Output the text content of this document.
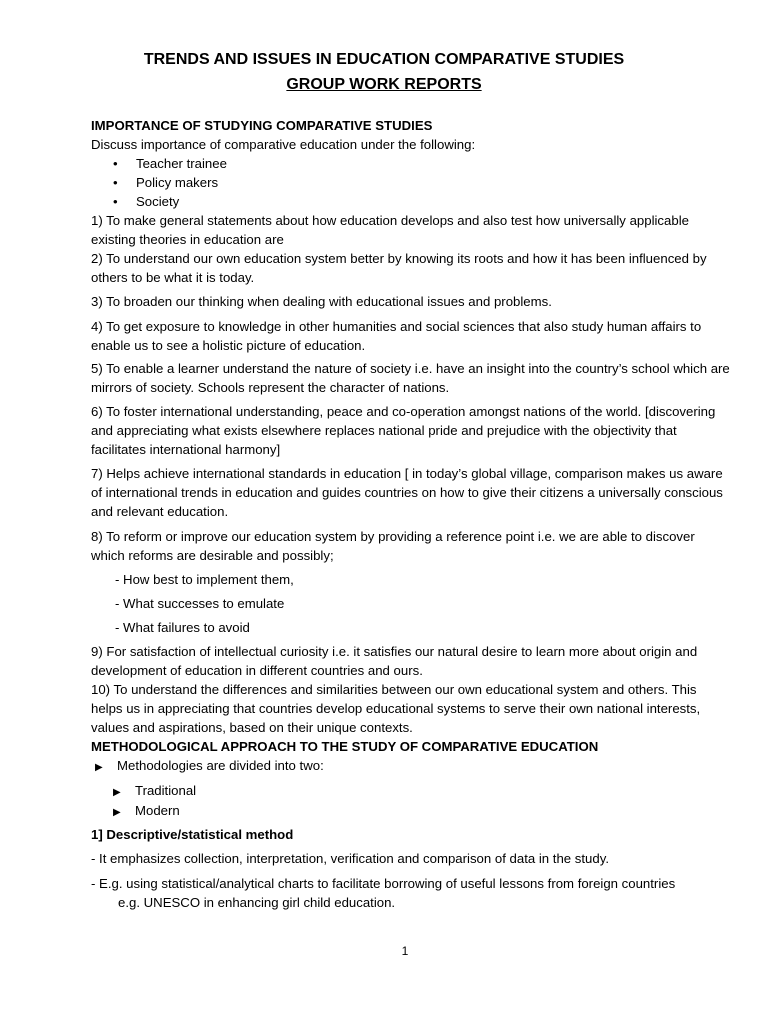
TRENDS AND ISSUES IN EDUCATION COMPARATIVE STUDIES
GROUP WORK REPORTS
IMPORTANCE OF STUDYING COMPARATIVE STUDIES
Discuss importance of comparative education under the following:
• Teacher trainee
• Policy makers
• Society

1) To make general statements about how education develops and also test how universally applicable existing theories in education are

2) To understand our own education system better by knowing its roots and how it has been influenced by others to be what it is today.

3) To broaden our thinking when dealing with educational issues and problems.

4) To get exposure to knowledge in other humanities and social sciences that also study human affairs to enable us to see a holistic picture of education.

5) To enable a learner understand the nature of society i.e. have an insight into the country’s school which are mirrors of society. Schools represent the character of nations.

6) To foster international understanding, peace and co-operation amongst nations of the world. [discovering and appreciating what exists elsewhere replaces national pride and prejudice with the objectivity that facilitates international harmony]

7) Helps achieve international standards in education [ in today’s global village, comparison makes us aware of international trends in education and guides countries on how to give their citizens a universally conscious and relevant education.

8) To reform or improve our education system by providing a reference point i.e. we are able to discover which reforms are desirable and possibly;

- How best to implement them,
- What successes to emulate
- What failures to avoid

9) For satisfaction of intellectual curiosity i.e. it satisfies our natural desire to learn more about origin and development of education in different countries and ours.

10) To understand the differences and similarities between our own educational system and others. This helps us in appreciating that countries develop educational systems to serve their own national interests, values and aspirations, based on their unique contexts.

METHODOLOGICAL APPROACH TO THE STUDY OF COMPARATIVE EDUCATION
▶ Methodologies are divided into two:
▶ Traditional
▶ Modern
1] Descriptive/statistical method
- It emphasizes collection, interpretation, verification and comparison of data in the study.
- E.g. using statistical/analytical charts to facilitate borrowing of useful lessons from foreign countries
e.g. UNESCO in enhancing girl child education.
1
